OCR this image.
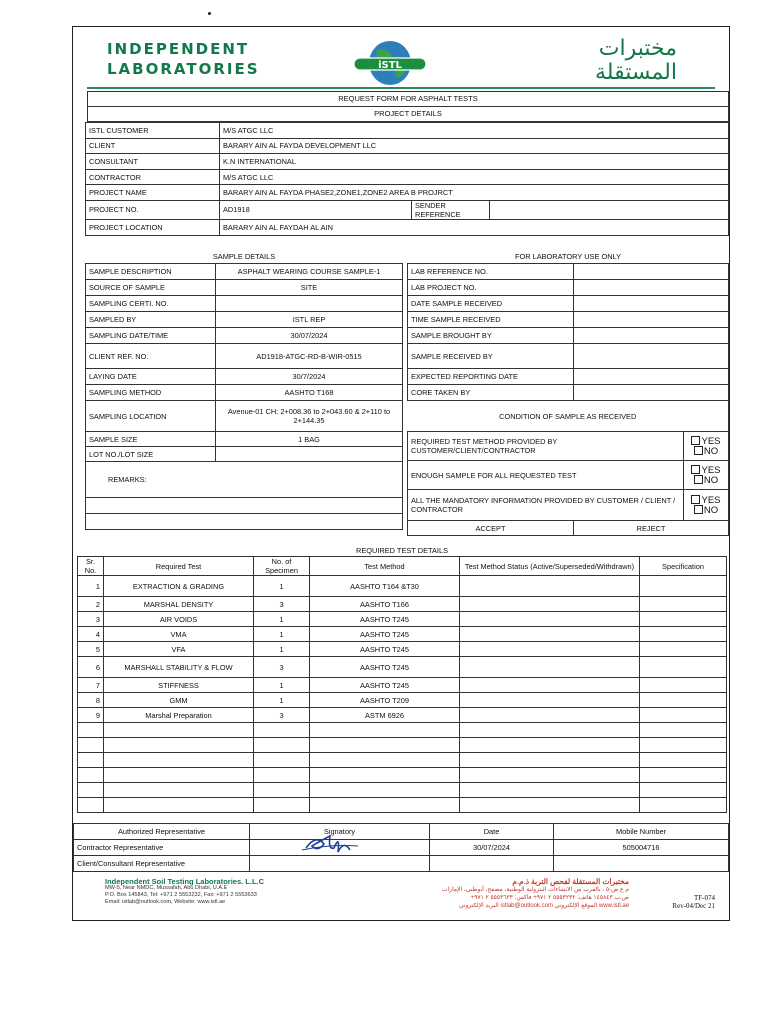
INDEPENDENT
LABORATORIES	iSTL
مختبرات
المستقلة
REQUEST FORM FOR ASPHALT TESTS
PROJECT DETAILS
ISTL CUSTOMER	M/S ATGC LLC		
CLIENT	BARARY AIN AL FAYDA DEVELOPMENT LLC		
CONSULTANT	K.N INTERNATIONAL		
CONTRACTOR	M/S ATGC LLC		
PROJECT NAME	BARARY AIN AL FAYDA PHASE2,ZONE1,ZONE2 AREA B PROJRCT		
PROJECT NO.	AD1918	SENDER REFERENCE	
PROJECT LOCATION	BARARY AIN AL FAYDAH AL AIN		
SAMPLE DETAILS	
SAMPLE DESCRIPTION	ASPHALT WEARING COURSE SAMPLE-1
SOURCE OF SAMPLE	SITE
SAMPLING CERTI. NO.	
SAMPLED BY	ISTL REP
SAMPLING DATE/TIME	30/07/2024
CLIENT REF. NO.	AD1918-ATGC-RD-B-WIR-0515
LAYING DATE	30/7/2024
SAMPLING METHOD	AASHTO T168
SAMPLING LOCATION	Avenue-01 CH: 2+008.36 to 2+043.60 & 2+110 to 2+144.35
SAMPLE SIZE	1 BAG
LOT NO./LOT SIZE	
REMARKS:	

FOR LABORATORY USE ONLY		
LAB REFERENCE NO.		
LAB PROJECT NO.		
DATE SAMPLE RECEIVED		
TIME SAMPLE RECEIVED		
SAMPLE BROUGHT BY		
SAMPLE RECEIVED BY		
EXPECTED REPORTING DATE		
CORE TAKEN BY		
CONDITION OF SAMPLE AS RECEIVED		
REQUIRED TEST METHOD PROVIDED BY CUSTOMER/CLIENT/CONTRACTOR		YES NO
ENOUGH SAMPLE FOR ALL REQUESTED TEST		YES NO
ALL THE MANDATORY INFORMATION PROVIDED BY CUSTOMER / CLIENT / CONTRACTOR		YES NO
ACCEPT	REJECT	
REQUIRED TEST DETAILS					
Sr. No.	Required Test	No. of Specimen	Test Method	Test Method Status (Active/Superseded/Withdrawn)	Specification
1	EXTRACTION & GRADING	1	AASHTO T164 &T30		
2	MARSHAL DENSITY	3	AASHTO T166		
3	AIR VOIDS	1	AASHTO T245		
4	VMA	1	AASHTO T245		
5	VFA	1	AASHTO T245		
6	MARSHALL STABILITY & FLOW	3	AASHTO T245		
7	STIFFNESS	1	AASHTO T245		
8	GMM	1	AASHTO T209		
9	Marshal Preparation	3	ASTM 6926		

Authorized Representative	Signatory	Date	Mobile Number
Contractor Representative		30/07/2024	505004716
Client/Consultant Representative			
Independent Soil Testing Laboratories. L.L.C
MW-5, Near NMDC, Mussafah, Abu Dhabi, U.A.E
P.O. Box 145843, Tel: +971 2 5553232, Fax: +971 2 5553633
Email: istlab@outlook.com, Website: www.istl.ae
مختبرات المستقلة لفحص التربة ذ.م.م
م ع ص-٥ ، بالقرب من الانشاءات البترولية الوطنية، مصفح، أبوظبي، الإمارات
ص.ب ١٤٥٨٤٣ هاتف: ٥٥٥٣٢٣٢ ٢ ٩٧١+ فاكس: ٥٥٥٣٦٣٣ ٢ ٩٧١+
www.istl.ae الموقع الإلكتروني istlab@outlook.com البريد الإلكتروني
TF-074
Rev-04/Dec 21
